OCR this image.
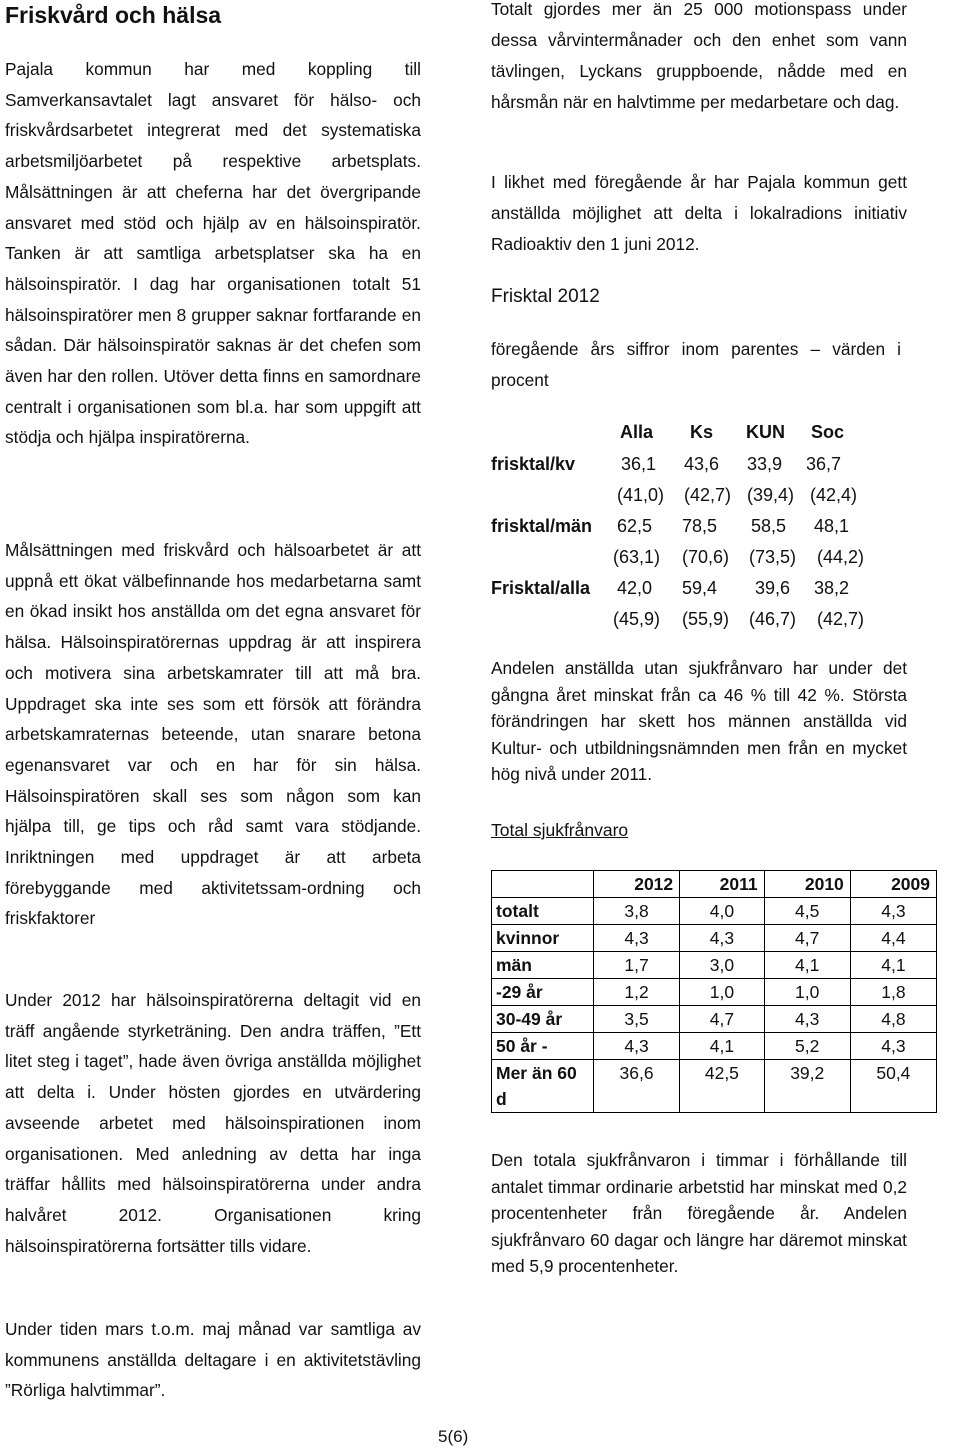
Friskvård och hälsa

Pajala kommun har med koppling till Samverkansavtalet lagt ansvaret för hälso- och friskvårdsarbetet integrerat med det systematiska arbetsmiljöarbetet på respektive arbetsplats. Målsättningen är att cheferna har det övergripande ansvaret med stöd och hjälp av en hälsoinspiratör. Tanken är att samtliga arbetsplatser ska ha en hälsoinspiratör. I dag har organisationen totalt 51 hälsoinspiratörer men 8 grupper saknar fortfarande en sådan. Där hälsoinspiratör saknas är det chefen som även har den rollen. Utöver detta finns en samordnare centralt i organisationen som bl.a. har som uppgift att stödja och hjälpa inspiratörerna.

Målsättningen med friskvård och hälsoarbetet är att uppnå ett ökat välbefinnande hos medarbetarna samt en ökad insikt hos anställda om det egna ansvaret för hälsa. Hälsoinspiratörernas uppdrag är att inspirera och motivera sina arbetskamrater till att må bra. Uppdraget ska inte ses som ett försök att förändra arbetskamraternas beteende, utan snarare betona egenansvaret var och en har för sin hälsa. Hälsoinspiratören skall ses som någon som kan hjälpa till, ge tips och råd samt vara stödjande. Inriktningen med uppdraget är att arbeta förebyggande med aktivitetssam-ordning och friskfaktorer

Under 2012 har hälsoinspiratörerna deltagit vid en träff angående styrketräning. Den andra träffen, ”Ett litet steg i taget”, hade även övriga anställda möjlighet att delta i. Under hösten gjordes en utvärdering avseende arbetet med hälsoinspirationen inom organisationen. Med anledning av detta har inga träffar hållits med hälsoinspiratörerna under andra halvåret 2012. Organisationen kring hälsoinspiratörerna fortsätter tills vidare.

Under tiden mars t.o.m. maj månad var samtliga av kommunens anställda deltagare i en aktivitetstävling ”Rörliga halvtimmar”.

Totalt gjordes mer än 25 000 motionspass under dessa vårvintermånader och den enhet som vann tävlingen, Lyckans gruppboende, nådde med en hårsmån när en halvtimme per medarbetare och dag.

I likhet med föregående år har Pajala kommun gett anställda möjlighet att delta i lokalradions initiativ Radioaktiv den 1 juni 2012.

Frisktal 2012

föregående års siffror inom parentes – värden i procent

Alla Ks KUN Soc
frisktal/kv	36,1 43,6 33,9 36,7
(41,0) (42,7) (39,4) (42,4)
frisktal/män 62,5 78,5 58,5 48,1
(63,1) (70,6) (73,5) (44,2)
Frisktal/alla 42,0 59,4 39,6 38,2
(45,9) (55,9) (46,7) (42,7)

Andelen anställda utan sjukfrånvaro har under det gångna året minskat från ca 46 % till 42 %. Största förändringen har skett hos männen anställda vid Kultur- och utbildningsnämnden men från en mycket hög nivå under 2011.

Total sjukfrånvaro
	2012	2011	2010	2009
totalt	3,8	4,0	4,5	4,3
kvinnor	4,3	4,3	4,7	4,4
män	1,7	3,0	4,1	4,1
-29 år	1,2	1,0	1,0	1,8
30-49 år	3,5	4,7	4,3	4,8
50 år -	4,3	4,1	5,2	4,3
Mer än 60 d	36,6	42,5	39,2	50,4

Den totala sjukfrånvaron i timmar i förhållande till antalet timmar ordinarie arbetstid har minskat med 0,2 procentenheter från föregående år. Andelen sjukfrånvaro 60 dagar och längre har däremot minskat med 5,9 procentenheter.

5(6)
